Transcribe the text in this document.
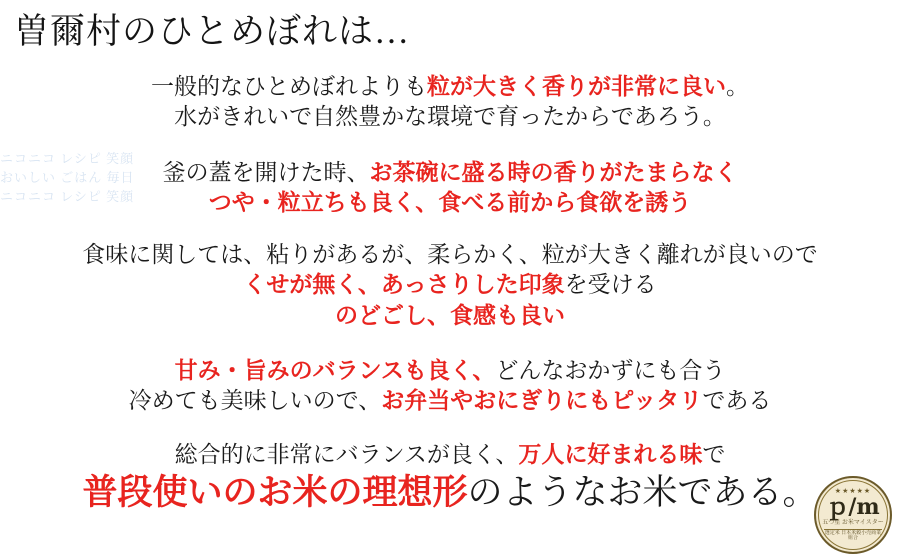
ニコニコ レシピ 笑顔
おいしい ごはん 毎日
ニコニコ レシピ 笑顔
曽爾村のひとめぼれは…
一般的なひとめぼれよりも粒が大きく香りが非常に良い。
水がきれいで自然豊かな環境で育ったからであろう。
釜の蓋を開けた時、お茶碗に盛る時の香りがたまらなく
つや・粒立ちも良く、食べる前から食欲を誘う
食味に関しては、粘りがあるが、柔らかく、粒が大きく離れが良いので
くせが無く、あっさりした印象を受ける
のどごし、食感も良い
甘み・旨みのバランスも良く、どんなおかずにも合う
冷めても美味しいので、お弁当やおにぎりにもピッタリである
総合的に非常にバランスが良く、万人に好まれる味で
普段使いのお米の理想形のようなお米である。	★★★★★
ｐ/m
五つ星 お米マイスター
選定米 日本米穀小売商業組合
